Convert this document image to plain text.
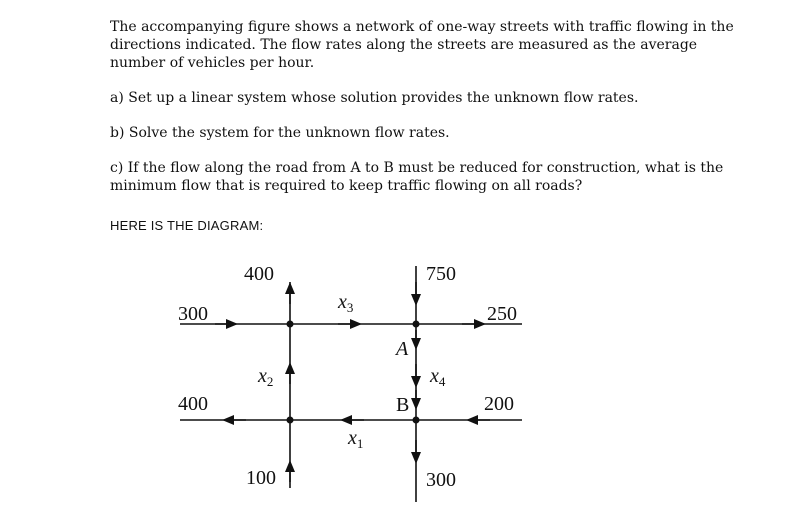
The accompanying figure shows a network of one-way streets with traffic flowing in the directions indicated. The flow rates along the streets are measured as the average number of vehicles per hour.

a) Set up a linear system whose solution provides the unknown flow rates.

b) Solve the system for the unknown flow rates.

c) If the flow along the road from A to B must be reduced for construction, what is the minimum flow that is required to keep traffic flowing on all roads?

HERE IS THE DIAGRAM:
300	250
400	200
400
100
750
300
$x_3$
$x_2$	$x_4$
$x_1$
A
B
